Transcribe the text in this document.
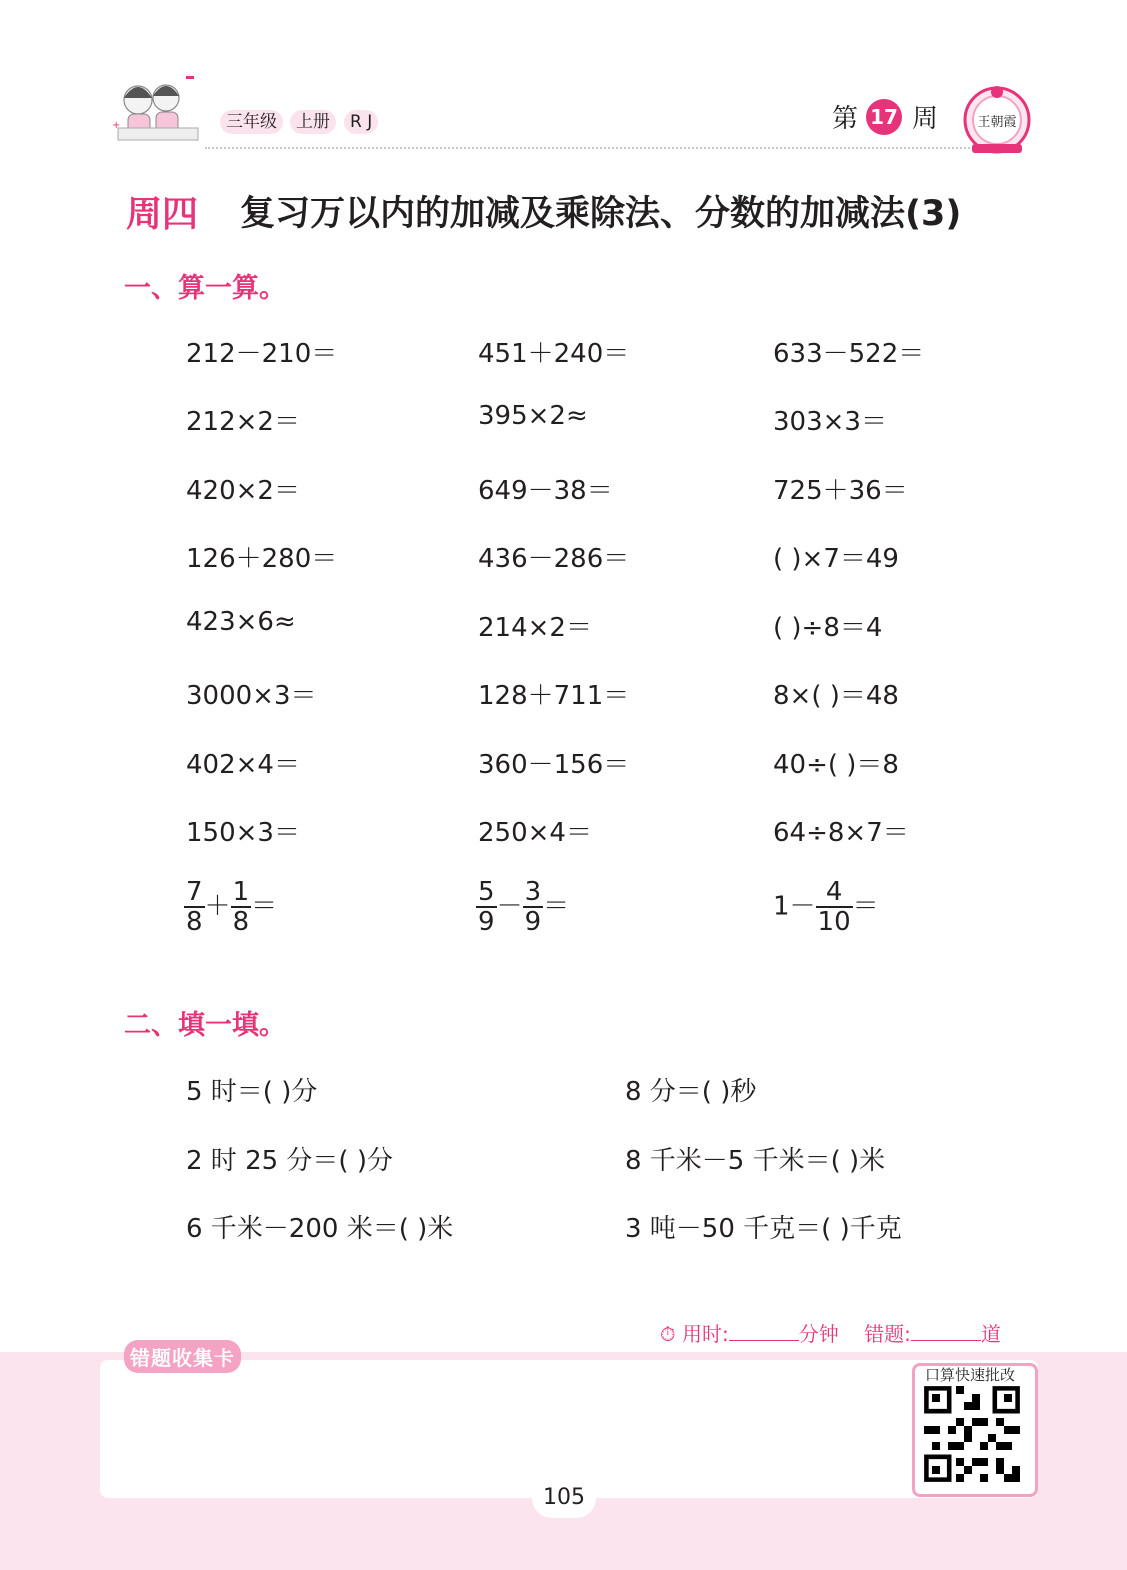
+	三年级	上册	R J	第 17 周	王朝霞
周四 复习万以内的加减及乘除法、分数的加减法(3)
一、算一算。
212－210＝	451＋240＝	633－522＝
212×2＝	395×2≈	303×3＝
420×2＝	649－38＝	725＋36＝
126＋280＝	436－286＝	( )×7＝49
423×6≈	214×2＝	( )÷8＝4
3000×3＝	128＋711＝	8×( )＝48
402×4＝	360－156＝	40÷( )＝8
150×3＝	250×4＝	64÷8×7＝
$\frac{7}{8} + \frac{1}{8}$ ＝	$\frac{5}{9} - \frac{3}{9}$ ＝	$1- \frac{4}{10}$ ＝
二、填一填。
5 时＝( )分	8 分＝( )秒
2 时 25 分＝( )分	8 千米－5 千米＝( )米
6 千米－200 米＝( )米	3 吨－50 千克＝( )千克
⏱ 用时:	分钟 错题:	道
错题收集卡
口算快速批改
105
